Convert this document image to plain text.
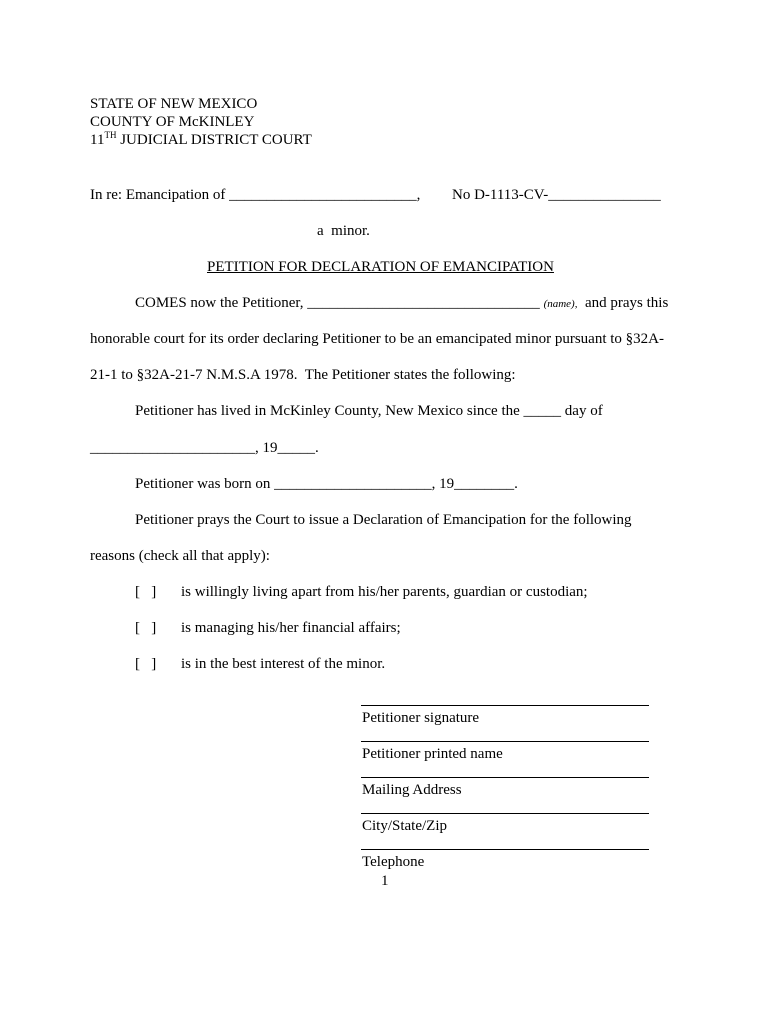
STATE OF NEW MEXICO
COUNTY OF McKINLEY
11TH JUDICIAL DISTRICT COURT
In re: Emancipation of _________________________, No D-1113-CV-_______________
a  minor.
PETITION FOR DECLARATION OF EMANCIPATION
COMES now the Petitioner, _______________________________ (name),  and prays this
honorable court for its order declaring Petitioner to be an emancipated minor pursuant to §32A-
21-1 to §32A-21-7 N.M.S.A 1978.  The Petitioner states the following:
Petitioner has lived in McKinley County, New Mexico since the _____ day of
______________________, 19_____.
Petitioner was born on _____________________, 19________.
Petitioner prays the Court to issue a Declaration of Emancipation for the following
reasons (check all that apply):
[   ] is willingly living apart from his/her parents, guardian or custodian;
[   ] is managing his/her financial affairs;
[   ] is in the best interest of the minor.
Petitioner signature
Petitioner printed name
Mailing Address
City/State/Zip
Telephone
1
